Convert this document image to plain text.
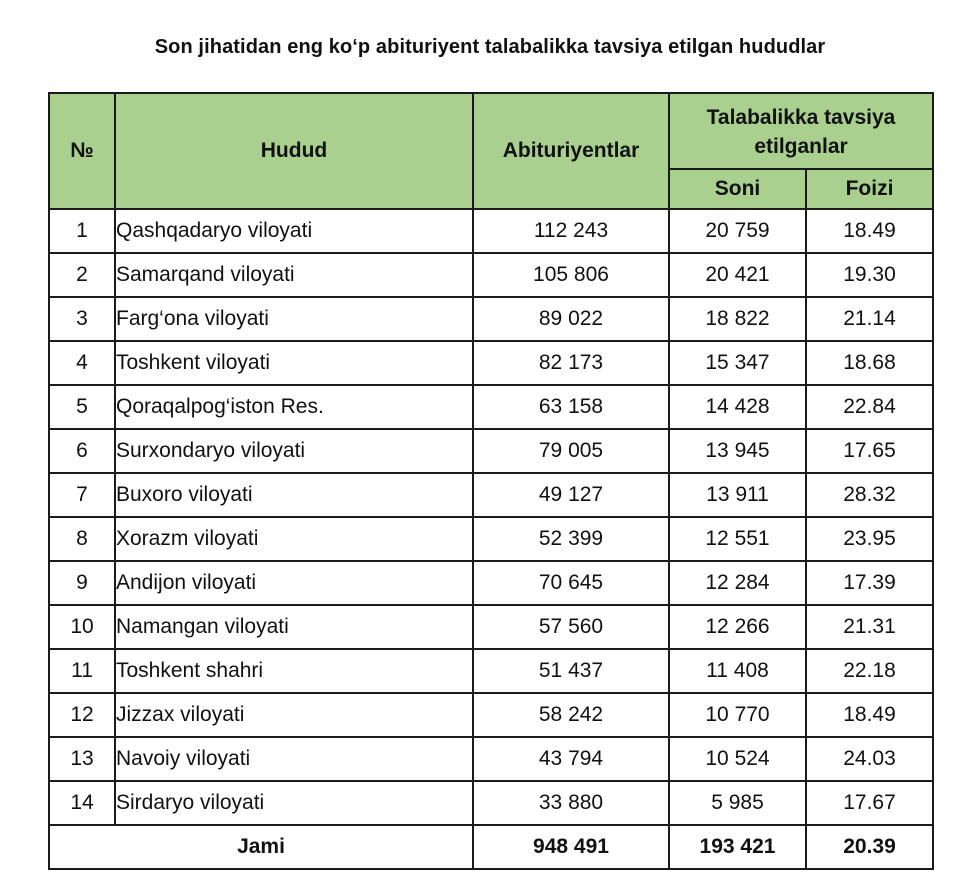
Son jihatidan eng ko‘p abituriyent talabalikka tavsiya etilgan hududlar
№	Hudud	Abituriyentlar	Talabalikka tavsiya etilganlar	
			Soni	Foizi
1	Qashqadaryo viloyati	112 243	20 759	18.49
2	Samarqand viloyati	105 806	20 421	19.30
3	Farg‘ona viloyati	89 022	18 822	21.14
4	Toshkent viloyati	82 173	15 347	18.68
5	Qoraqalpog‘iston Res.	63 158	14 428	22.84
6	Surxondaryo viloyati	79 005	13 945	17.65
7	Buxoro viloyati	49 127	13 911	28.32
8	Xorazm viloyati	52 399	12 551	23.95
9	Andijon viloyati	70 645	12 284	17.39
10	Namangan viloyati	57 560	12 266	21.31
11	Toshkent shahri	51 437	11 408	22.18
12	Jizzax viloyati	58 242	10 770	18.49
13	Navoiy viloyati	43 794	10 524	24.03
14	Sirdaryo viloyati	33 880	5 985	17.67
Jami		948 491	193 421	20.39
